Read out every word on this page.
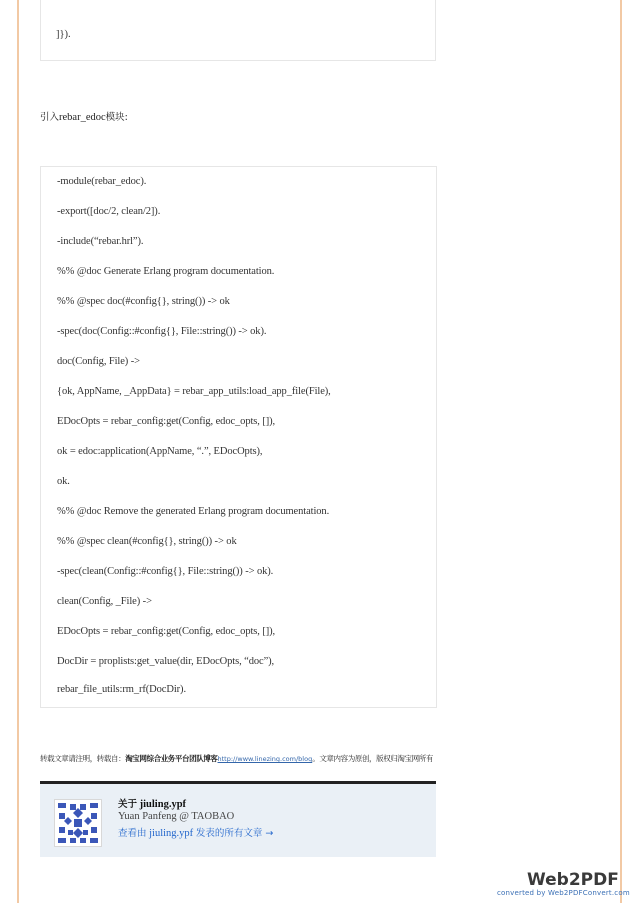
]}).
引入rebar_edoc模块:
-module(rebar_edoc).
-export([doc/2, clean/2]).
-include(“rebar.hrl”).
%% @doc Generate Erlang program documentation.
%% @spec doc(#config{}, string()) -> ok
-spec(doc(Config::#config{}, File::string()) -> ok).
doc(Config, File) ->
{ok, AppName, _AppData} = rebar_app_utils:load_app_file(File),
EDocOpts = rebar_config:get(Config, edoc_opts, []),
ok = edoc:application(AppName, “.”, EDocOpts),
ok.
%% @doc Remove the generated Erlang program documentation.
%% @spec clean(#config{}, string()) -> ok
-spec(clean(Config::#config{}, File::string()) -> ok).
clean(Config, _File) ->
EDocOpts = rebar_config:get(Config, edoc_opts, []),
DocDir = proplists:get_value(dir, EDocOpts, “doc”),
rebar_file_utils:rm_rf(DocDir).
转载文章请注明，转载自：淘宝网综合业务平台团队博客http://www.linezing.com/blog。文章内容为原创，版权归淘宝网所有
关于 jiuling.ypf
Yuan Panfeng @ TAOBAO
查看由 jiuling.ypf 发表的所有文章 →
Web2PDF
converted by Web2PDFConvert.com
